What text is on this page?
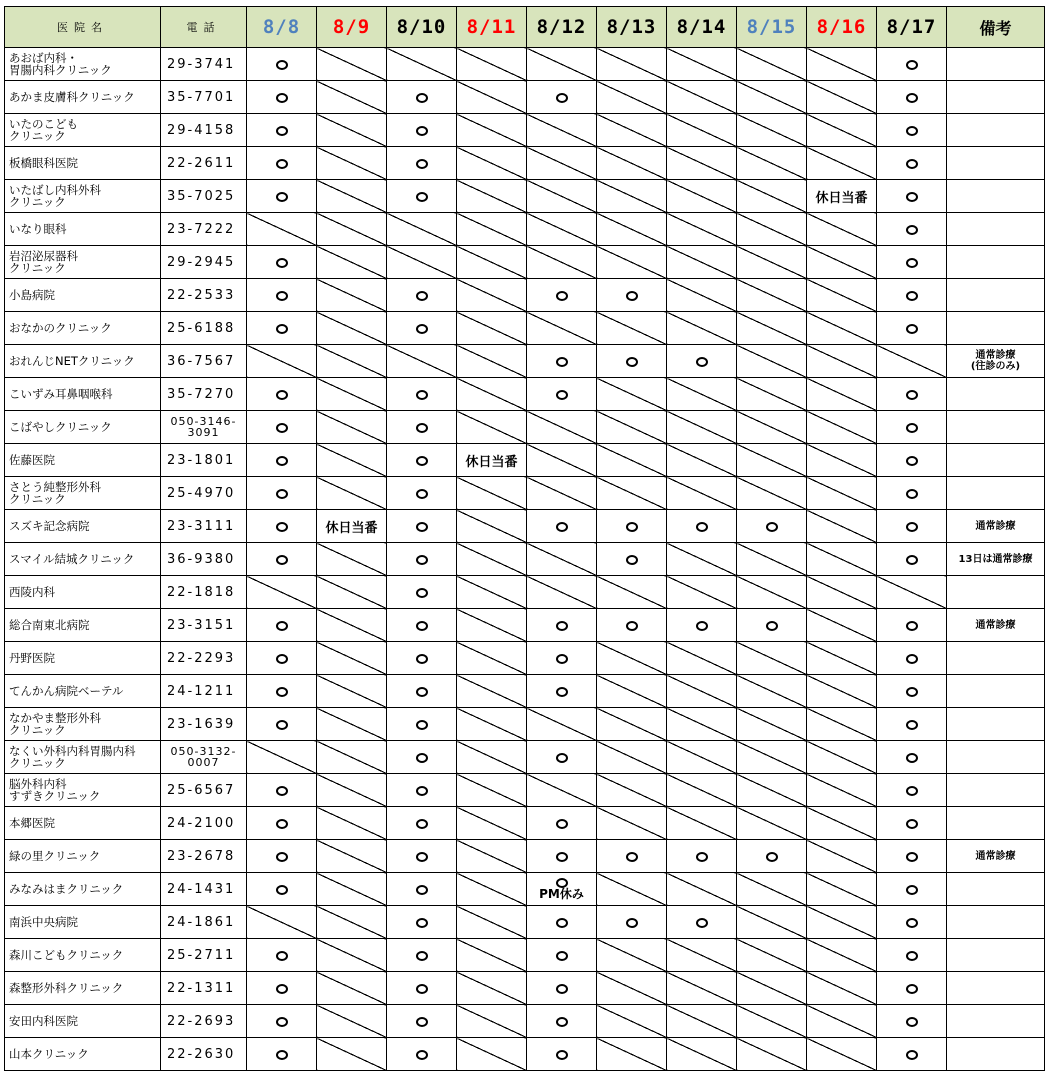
医院名	電話	8/8	8/9	8/10	8/11	8/12	8/13	8/14	8/15	8/16	8/17	備考
あおば内科・
胃腸内科クリニック	29-3741											
あかま皮膚科クリニック	35-7701											
いたのこども
クリニック	29-4158											
板橋眼科医院	22-2611											
いたばし内科外科
クリニック	35-7025									休日当番		
いなり眼科	23-7222											
岩沼泌尿器科
クリニック	29-2945											
小島病院	22-2533											
おなかのクリニック	25-6188											
おれんじNETクリニック	36-7567											通常診療
(往診のみ)
こいずみ耳鼻咽喉科	35-7270											
こばやしクリニック	050-3146-
3091											
佐藤医院	23-1801				休日当番							
さとう純整形外科
クリニック	25-4970											
スズキ記念病院	23-3111		休日当番									通常診療
スマイル結城クリニック	36-9380											13日は通常診療
西陵内科	22-1818											
総合南東北病院	23-3151											通常診療
丹野医院	22-2293											
てんかん病院ベーテル	24-1211											
なかやま整形外科
クリニック	23-1639											
なくい外科内科胃腸内科
クリニック	050-3132-
0007											
脳外科内科
すずきクリニック	25-6567											
本郷医院	24-2100											
緑の里クリニック	23-2678											通常診療
みなみはまクリニック	24-1431					PM休み						

南浜中央病院	24-1861											
森川こどもクリニック	25-2711											
森整形外科クリニック	22-1311											
安田内科医院	22-2693											
山本クリニック	22-2630											
